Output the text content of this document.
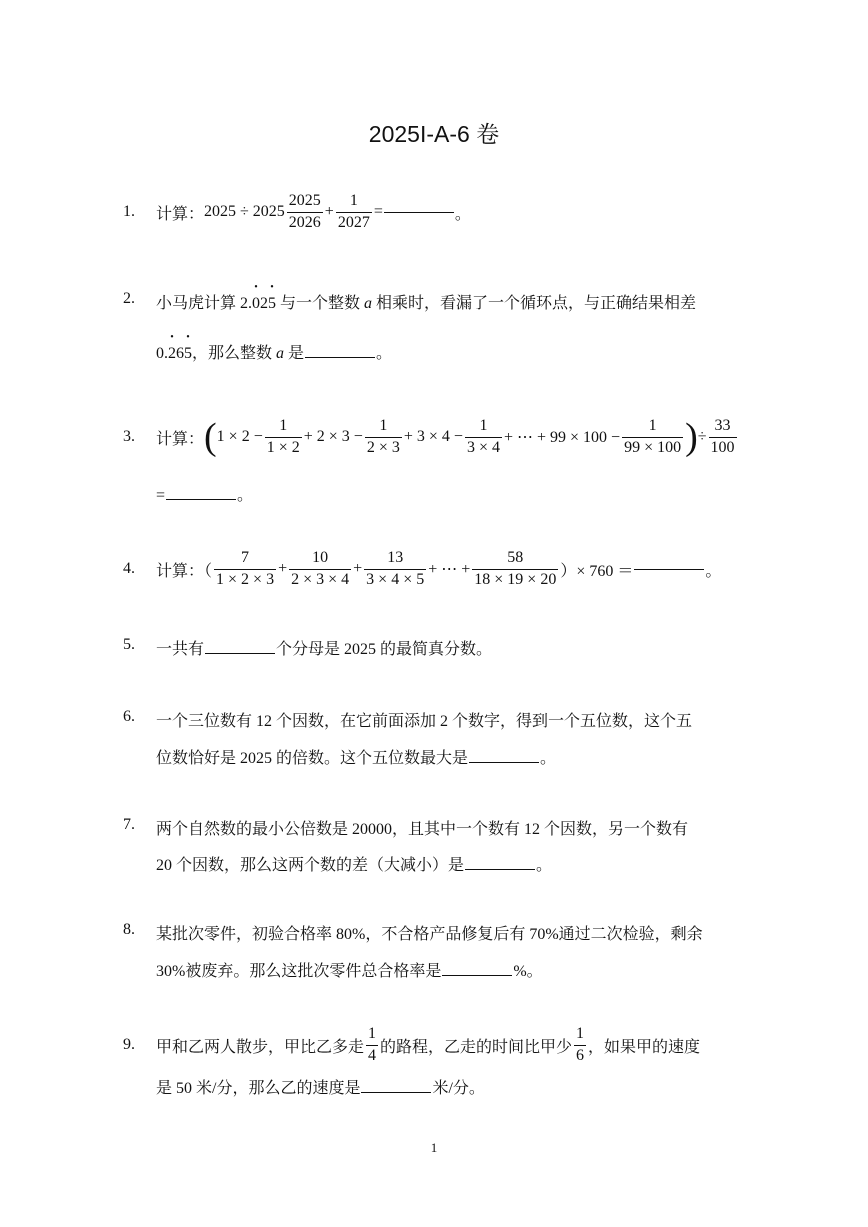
2025I-A-6 卷
1. 计算： $2025 \div 2025 \frac{2025}{2026} + \frac{1}{2027}$ =	。
2. 小马虎计算 2.• 02• 5 与一个整数 a 相乘时，看漏了一个循环点，与正确结果相差
0.• 26• 5，那么整数 a 是	。
3. 计算： ( $1 \times 2 - \frac{1}{1 \times 2} + 2 \times 3 - \frac{1}{2 \times 3} + 3 \times 4 - \frac{1}{3 \times 4}$ + ⋯ + $99 \times 100 - \frac{1}{99 \times 100}$ ) ÷ $\frac{33}{100}$
=	。
4. 计算：（ $\frac{7}{1 \times 2 \times 3} + \frac{10}{2 \times 3 \times 4} + \frac{13}{3 \times 4 \times 5}$ + ⋯ + $\frac{58}{18 \times 19 \times 20}$ ）× 760 ＝	。
5. 一共有	个分母是 2025 的最简真分数。
6. 一个三位数有 12 个因数，在它前面添加 2 个数字，得到一个五位数，这个五
位数恰好是 2025 的倍数。这个五位数最大是	。
7. 两个自然数的最小公倍数是 20000，且其中一个数有 12 个因数，另一个数有
20 个因数，那么这两个数的差（大减小）是	。
8. 某批次零件，初验合格率 80%，不合格产品修复后有 70%通过二次检验，剩余
30%被废弃。那么这批次零件总合格率是	%。
9. 甲和乙两人散步，甲比乙多走 $\frac{1}{4}$ 的路程，乙走的时间比甲少 $\frac{1}{6}$ ，如果甲的速度
是 50 米/分，那么乙的速度是	米/分。
1
